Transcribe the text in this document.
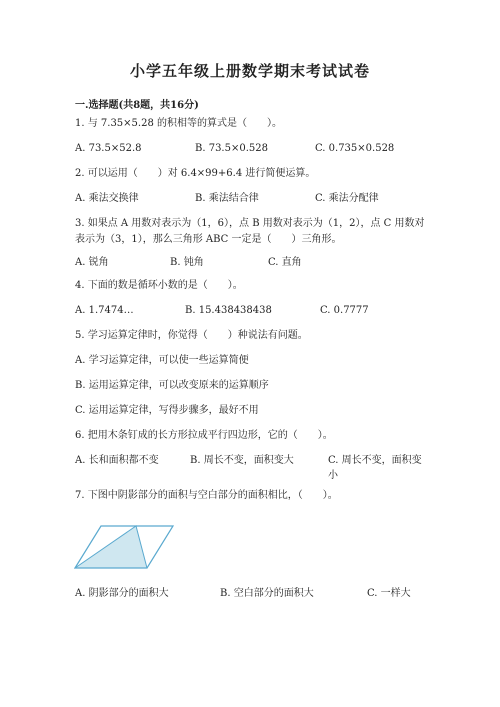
小学五年级上册数学期末考试试卷
一.选择题(共8题，共16分)
1. 与 7.35×5.28 的积相等的算式是（　　）。
A. 73.5×52.8	B. 73.5×0.528	C. 0.735×0.528
2. 可以运用（　　）对 6.4×99+6.4 进行简便运算。
A. 乘法交换律	B. 乘法结合律	C. 乘法分配律
3. 如果点 A 用数对表示为（1，6），点 B 用数对表示为（1，2），点 C 用数对表示为（3，1），那么三角形 ABC 一定是（　　）三角形。
A. 锐角	B. 钝角	C. 直角
4. 下面的数是循环小数的是（　　）。
A. 1.7474…	B. 15.438438438	C. 0.7777
5. 学习运算定律时，你觉得（　　）种说法有问题。
A. 学习运算定律，可以使一些运算简便
B. 运用运算定律，可以改变原来的运算顺序
C. 运用运算定律，写得步骤多，最好不用
6. 把用木条钉成的长方形拉成平行四边形，它的（　　）。
A. 长和面积都不变	B. 周长不变，面积变大	C. 周长不变，面积变小
7. 下图中阴影部分的面积与空白部分的面积相比，（　　）。
A. 阴影部分的面积大	B. 空白部分的面积大	C. 一样大
